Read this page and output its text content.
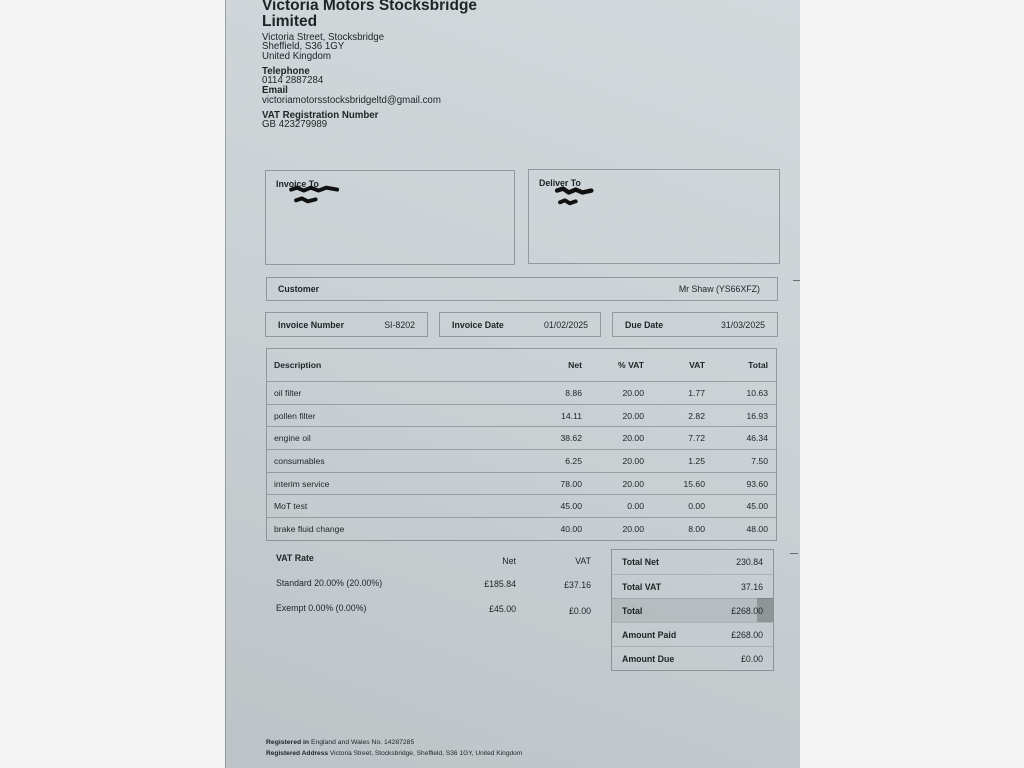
Victoria Motors Stocksbridge
Limited
Victoria Street, Stocksbridge
Sheffield, S36 1GY
United Kingdom
Telephone
0114 2887284
Email
victoriamotorsstocksbridgeltd@gmail.com
VAT Registration Number
GB 423279989
Invoice To	Deliver To
Customer	Mr Shaw (YS66XFZ)
Invoice Number	SI-8202	Invoice Date	01/02/2025	Due Date	31/03/2025
Description	Net	% VAT	VAT	Total
oil filter	8.86	20.00	1.77	10.63
pollen filter	14.11	20.00	2.82	16.93
engine oil	38.62	20.00	7.72	46.34
consumables	6.25	20.00	1.25	7.50
interim service	78.00	20.00	15.60	93.60
MoT test	45.00	0.00	0.00	45.00
brake fluid change	40.00	20.00	8.00	48.00
VAT Rate	Net	VAT
Standard 20.00% (20.00%)	£185.84	£37.16
Exempt 0.00% (0.00%)	£45.00	£0.00
Total Net	230.84
Total VAT	37.16
Total	£268.00
Amount Paid	£268.00
Amount Due	£0.00
Registered in England and Wales No. 14287285
Registered Address Victoria Street, Stocksbridge, Sheffield, S36 1GY, United Kingdom
